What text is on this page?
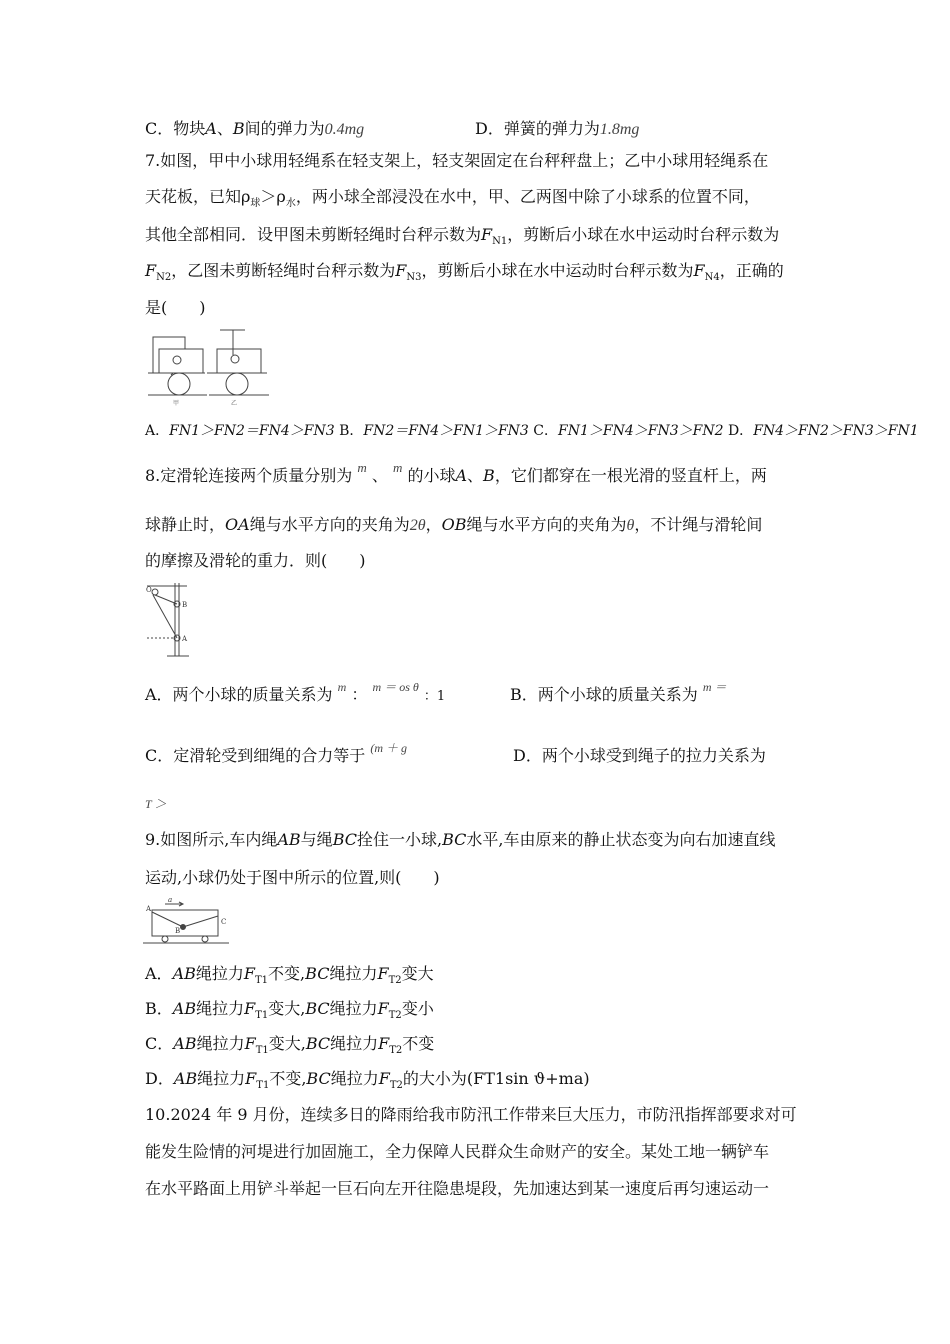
C．物块A、B间的弹力为0.4mg	D．弹簧的弹力为1.8mg
7.如图，甲中小球用轻绳系在轻支架上，轻支架固定在台秤秤盘上；乙中小球用轻绳系在
天花板，已知$\rho_球>\rho_水$，两小球全部浸没在水中，甲、乙两图中除了小球系的位置不同，
其他全部相同．设甲图未剪断轻绳时台秤示数为$F_{N1}$，剪断后小球在水中运动时台秤示数为
$F_{N2}$，乙图未剪断轻绳时台秤示数为$F_{N3}$，剪断后小球在水中运动时台秤示数为$F_{N4}$，正确的
是(　　)
甲	乙
A．FN1＞FN2＝FN4＞FN3 B．FN2＝FN4＞FN1＞FN3 C．FN1＞FN4＞FN3＞FN2 D．FN4＞FN2＞FN3＞FN1
8.定滑轮连接两个质量分别为 $^m$ 、 $^m$ 的小球A、B，它们都穿在一根光滑的竖直杆上，两
球静止时，OA绳与水平方向的夹角为2θ，OB绳与水平方向的夹角为θ，不计绳与滑轮间
的摩擦及滑轮的重力．则(　　)
O
B
A
A．两个小球的质量关系为 $^m$ ： $^{m = os \theta}$ ：1	B．两个小球的质量关系为 $^{m =}$
C．定滑轮受到细绳的合力等于 $^{(m + g}$	D．两个小球受到绳子的拉力关系为
T ＞
9.如图所示,车内绳AB与绳BC拴住一小球,BC水平,车由原来的静止状态变为向右加速直线
运动,小球仍处于图中所示的位置,则(　　)
a
A
B
C
A．AB绳拉力$F_{T1}$不变,BC绳拉力$F_{T2}$变大
B．AB绳拉力$F_{T1}$变大,BC绳拉力$F_{T2}$变小
C．AB绳拉力$F_{T1}$变大,BC绳拉力$F_{T2}$不变
D．AB绳拉力$F_{T1}$不变,BC绳拉力$F_{T2}$的大小为(FT1sin ϑ+ma)
10.2024 年 9 月份，连续多日的降雨给我市防汛工作带来巨大压力，市防汛指挥部要求对可
能发生险情的河堤进行加固施工，全力保障人民群众生命财产的安全。某处工地一辆铲车
在水平路面上用铲斗举起一巨石向左开往隐患堤段，先加速达到某一速度后再匀速运动一
